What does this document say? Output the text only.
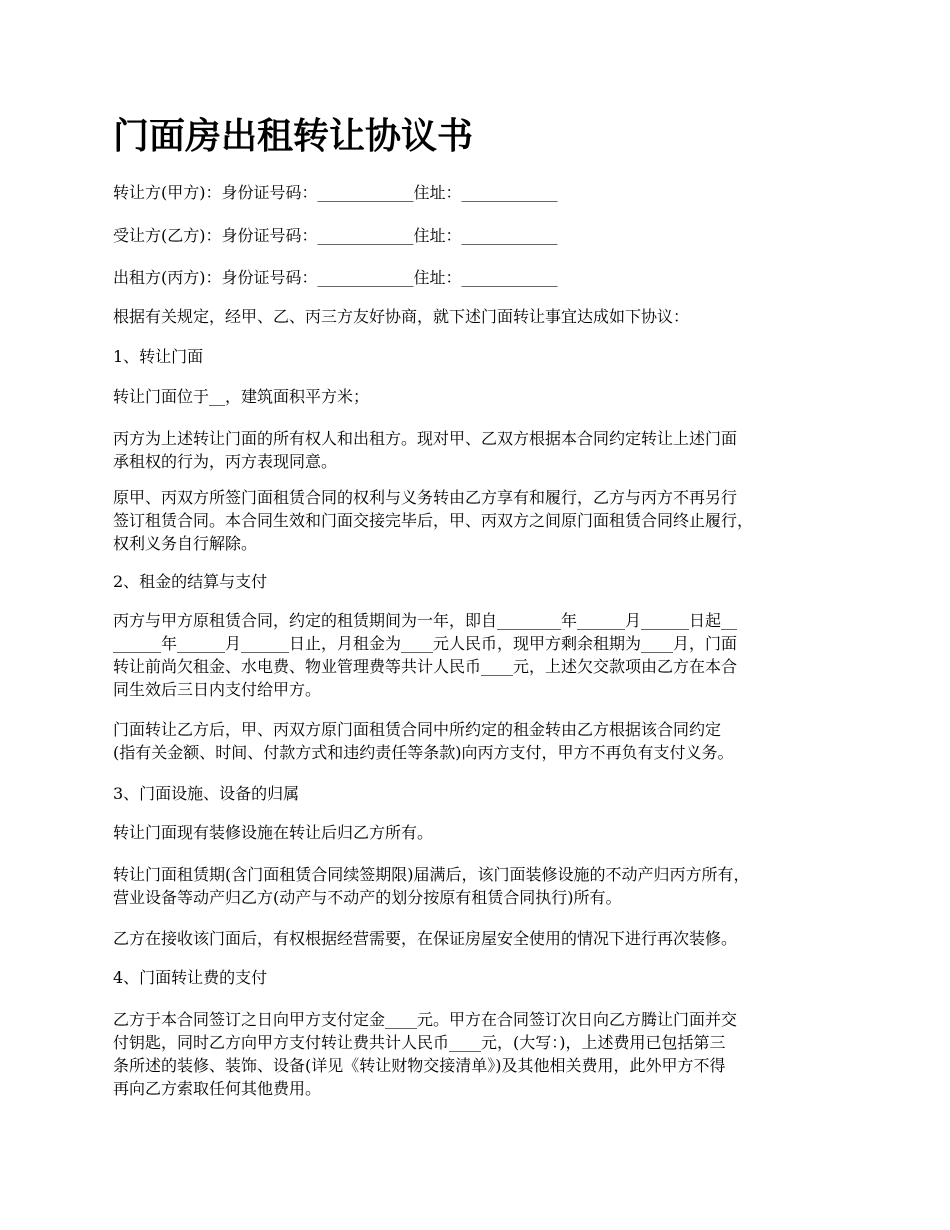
门面房出租转让协议书

转让方(甲方)：身份证号码：____________住址：____________

受让方(乙方)：身份证号码：____________住址：____________

出租方(丙方)：身份证号码：____________住址：____________

根据有关规定，经甲、乙、丙三方友好协商，就下述门面转让事宜达成如下协议：

1、转让门面

转让门面位于__，建筑面积平方米；

丙方为上述转让门面的所有权人和出租方。现对甲、乙双方根据本合同约定转让上述门面
承租权的行为，丙方表现同意。

原甲、丙双方所签门面租赁合同的权利与义务转由乙方享有和履行，乙方与丙方不再另行
签订租赁合同。本合同生效和门面交接完毕后，甲、丙双方之间原门面租赁合同终止履行，
权利义务自行解除。

2、租金的结算与支付

丙方与甲方原租赁合同，约定的租赁期间为一年，即自________年______月______日起__
______年______月______日止，月租金为____元人民币，现甲方剩余租期为____月，门面
转让前尚欠租金、水电费、物业管理费等共计人民币____元，上述欠交款项由乙方在本合
同生效后三日内支付给甲方。

门面转让乙方后，甲、丙双方原门面租赁合同中所约定的租金转由乙方根据该合同约定
(指有关金额、时间、付款方式和违约责任等条款)向丙方支付，甲方不再负有支付义务。

3、门面设施、设备的归属

转让门面现有装修设施在转让后归乙方所有。

转让门面租赁期(含门面租赁合同续签期限)届满后，该门面装修设施的不动产归丙方所有，
营业设备等动产归乙方(动产与不动产的划分按原有租赁合同执行)所有。

乙方在接收该门面后，有权根据经营需要，在保证房屋安全使用的情况下进行再次装修。

4、门面转让费的支付

乙方于本合同签订之日向甲方支付定金____元。甲方在合同签订次日向乙方腾让门面并交
付钥匙，同时乙方向甲方支付转让费共计人民币____元，(大写：)，上述费用已包括第三
条所述的装修、装饰、设备(详见《转让财物交接清单》)及其他相关费用，此外甲方不得
再向乙方索取任何其他费用。
